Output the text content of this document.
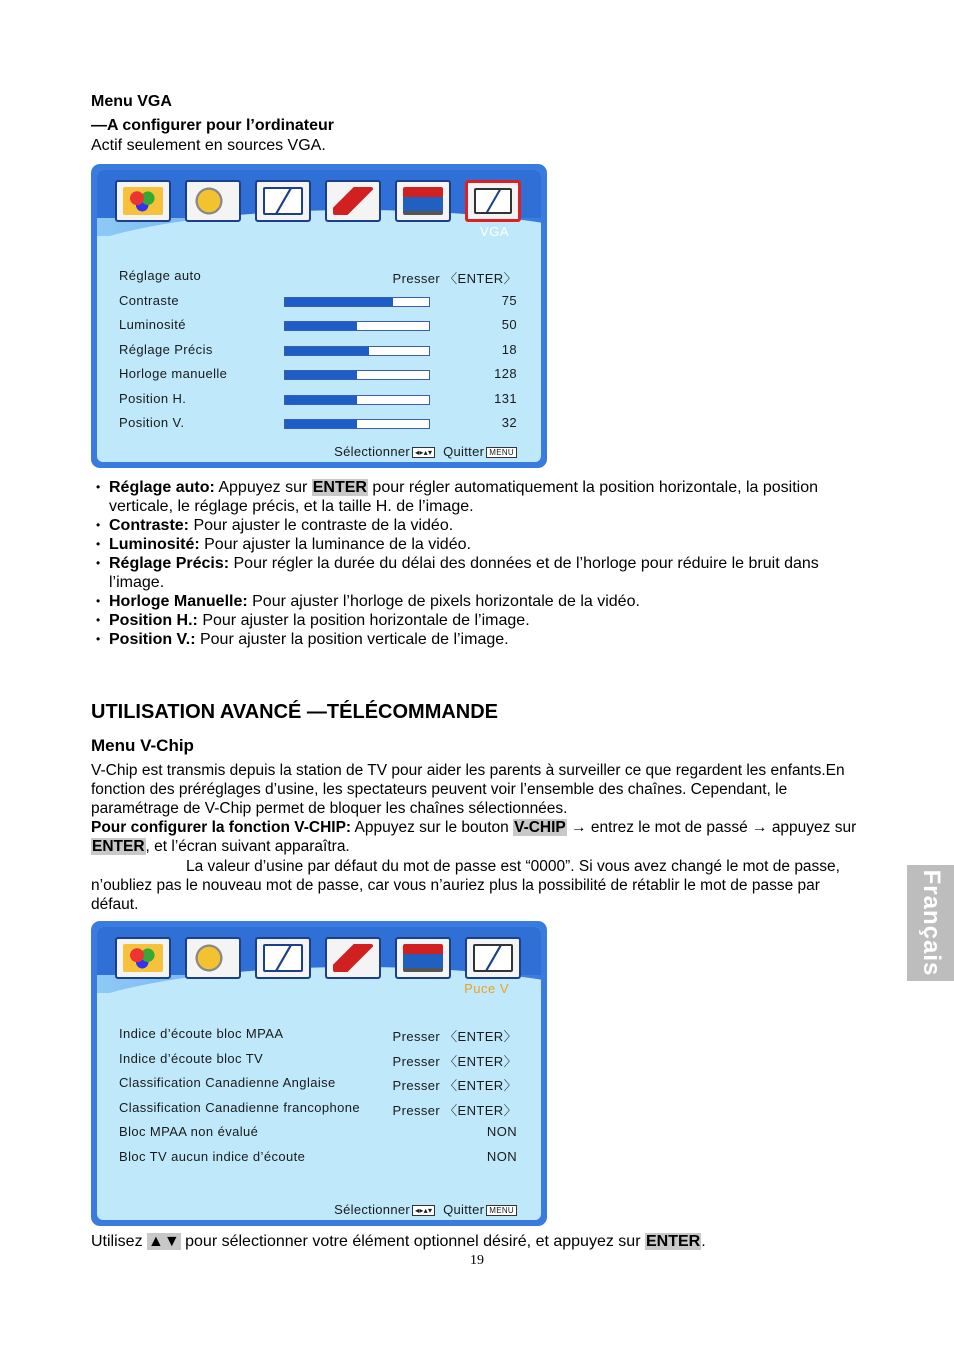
Menu VGA
—A configurer pour l’ordinateur
Actif seulement en sources VGA.
VGA
Réglage auto	Presser 〈ENTER〉
Contraste	75
Luminosité	50
Réglage Précis	18
Horloge manuelle	128
Position H.	131
Position V.	32
Sélectionner ◂▸▴▾ Quitter MENU
• Réglage auto: Appuyez sur ENTER pour régler automatiquement la position horizontale, la position verticale, le réglage précis, et la taille H. de l’image.
• Contraste: Pour ajuster le contraste de la vidéo.
• Luminosité: Pour ajuster la luminance de la vidéo.
• Réglage Précis: Pour régler la durée du délai des données et de l’horloge pour réduire le bruit dans l’image.
• Horloge Manuelle: Pour ajuster l’horloge de pixels horizontale de la vidéo.
• Position H.: Pour ajuster la position horizontale de l’image.
• Position V.: Pour ajuster la position verticale de l’image.
UTILISATION AVANCÉ —TÉLÉCOMMANDE
Menu V-Chip
V-Chip est transmis depuis la station de TV pour aider les parents à surveiller ce que regardent les enfants.En fonction des préréglages d’usine, les spectateurs peuvent voir l’ensemble des chaînes. Cependant, le paramétrage de V-Chip permet de bloquer les chaînes sélectionnées.
Pour configurer la fonction V-CHIP: Appuyez sur le bouton V-CHIP → entrez le mot de passé → appuyez sur ENTER, et l’écran suivant apparaîtra.
La valeur d’usine par défaut du mot de passe est “0000”. Si vous avez changé le mot de passe, n’oubliez pas le nouveau mot de passe, car vous n’auriez plus la possibilité de rétablir le mot de passe par défaut.
Puce V
Indice d’écoute bloc MPAA	Presser 〈ENTER〉
Indice d’écoute bloc TV	Presser 〈ENTER〉
Classification Canadienne Anglaise	Presser 〈ENTER〉
Classification Canadienne francophone	Presser 〈ENTER〉
Bloc MPAA non évalué	NON
Bloc TV aucun indice d’écoute	NON
Sélectionner ◂▸▴▾ Quitter MENU
Utilisez ▲▼ pour sélectionner votre élément optionnel désiré, et appuyez sur ENTER.
19
Français
